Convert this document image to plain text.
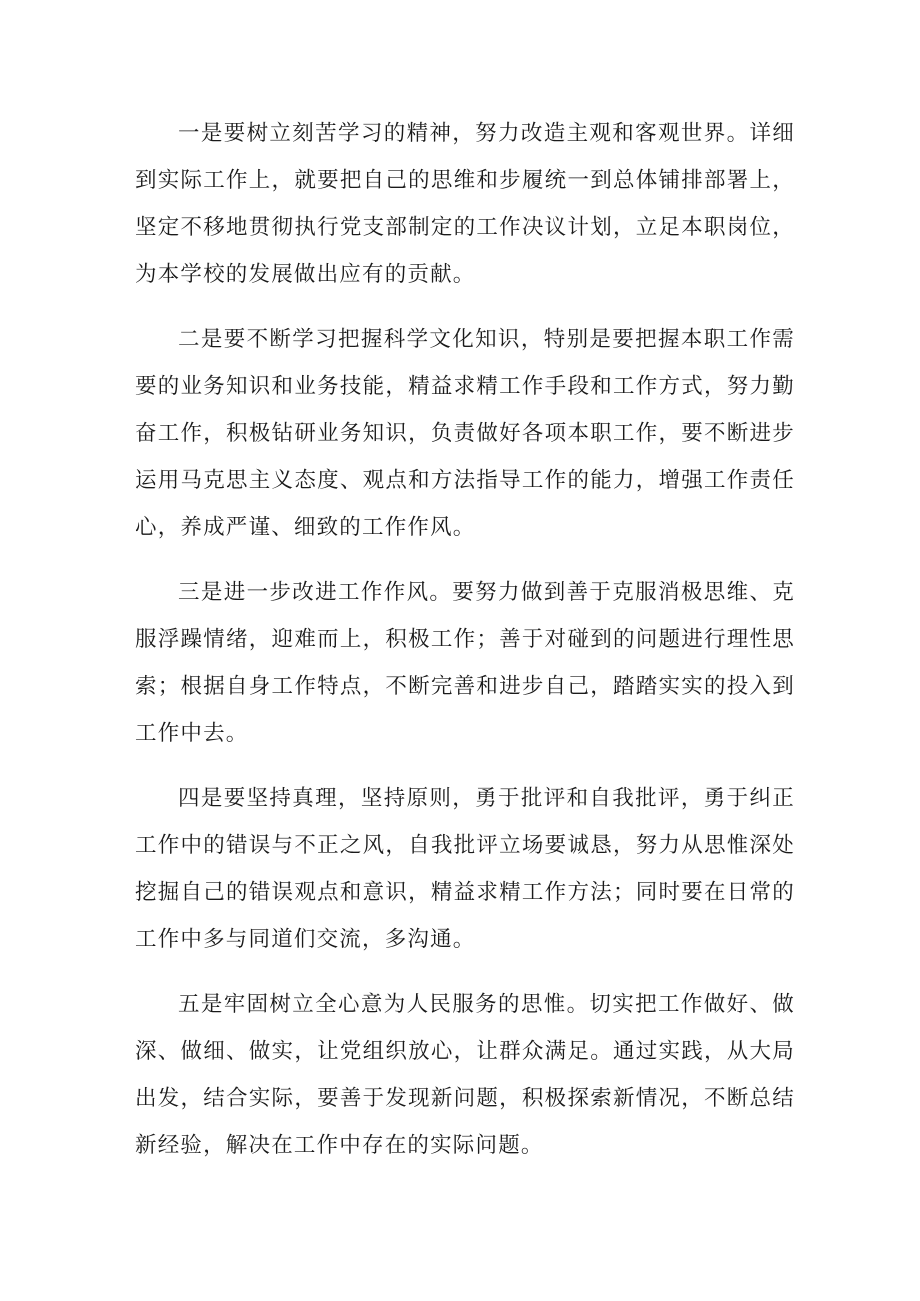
一是要树立刻苦学习的精神，努力改造主观和客观世界。详细到实际工作上，就要把自己的思维和步履统一到总体铺排部署上，坚定不移地贯彻执行党支部制定的工作决议计划，立足本职岗位，为本学校的发展做出应有的贡献。

二是要不断学习把握科学文化知识，特别是要把握本职工作需要的业务知识和业务技能，精益求精工作手段和工作方式，努力勤奋工作，积极钻研业务知识，负责做好各项本职工作，要不断进步运用马克思主义态度、观点和方法指导工作的能力，增强工作责任心，养成严谨、细致的工作作风。

三是进一步改进工作作风。要努力做到善于克服消极思维、克服浮躁情绪，迎难而上，积极工作；善于对碰到的问题进行理性思索；根据自身工作特点，不断完善和进步自己，踏踏实实的投入到工作中去。

四是要坚持真理，坚持原则，勇于批评和自我批评，勇于纠正工作中的错误与不正之风，自我批评立场要诚恳，努力从思惟深处挖掘自己的错误观点和意识，精益求精工作方法；同时要在日常的工作中多与同道们交流，多沟通。

五是牢固树立全心意为人民服务的思惟。切实把工作做好、做深、做细、做实，让党组织放心，让群众满足。通过实践，从大局出发，结合实际，要善于发现新问题，积极探索新情况，不断总结新经验，解决在工作中存在的实际问题。
